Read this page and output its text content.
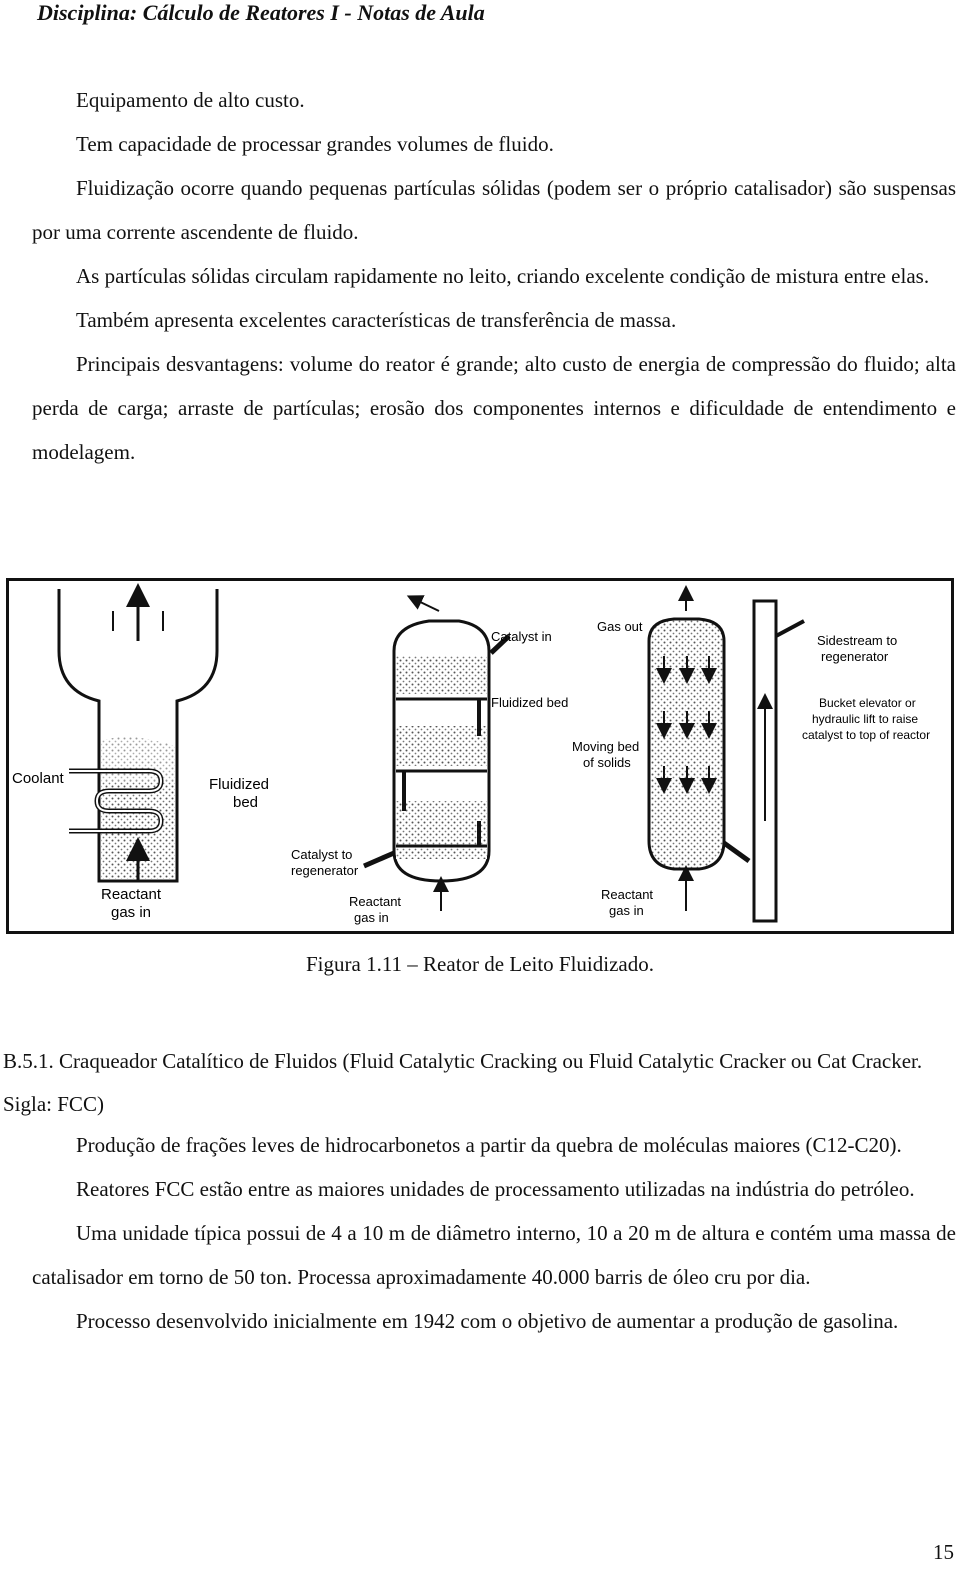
Disciplina: Cálculo de Reatores I - Notas de Aula

Equipamento de alto custo.

Tem capacidade de processar grandes volumes de fluido.

Fluidização ocorre quando pequenas partículas sólidas (podem ser o próprio catalisador) são suspensas por uma corrente ascendente de fluido.

As partículas sólidas circulam rapidamente no leito, criando excelente condição de mistura entre elas.

Também apresenta excelentes características de transferência de massa.

Principais desvantagens: volume do reator é grande; alto custo de energia de compressão do fluido; alta perda de carga; arraste de partículas; erosão dos componentes internos e dificuldade de entendimento e modelagem.

Coolant	Fluidized
bed
Reactant
gas in
Catalyst in
Fluidized bed
Catalyst to
regenerator
Reactant
gas in
Gas out
Moving bed
of solids
Reactant
gas in
Sidestream to
regenerator
Bucket elevator or
hydraulic lift to raise
catalyst to top of reactor
Figura 1.11 – Reator de Leito Fluidizado.

B.5.1. Craqueador Catalítico de Fluidos (Fluid Catalytic Cracking ou Fluid Catalytic Cracker ou Cat Cracker. Sigla: FCC)

Produção de frações leves de hidrocarbonetos a partir da quebra de moléculas maiores (C12-C20).

Reatores FCC estão entre as maiores unidades de processamento utilizadas na indústria do petróleo.

Uma unidade típica possui de 4 a 10 m de diâmetro interno, 10 a 20 m de altura e contém uma massa de catalisador em torno de 50 ton. Processa aproximadamente 40.000 barris de óleo cru por dia.

Processo desenvolvido inicialmente em 1942 com o objetivo de aumentar a produção de gasolina.

15
